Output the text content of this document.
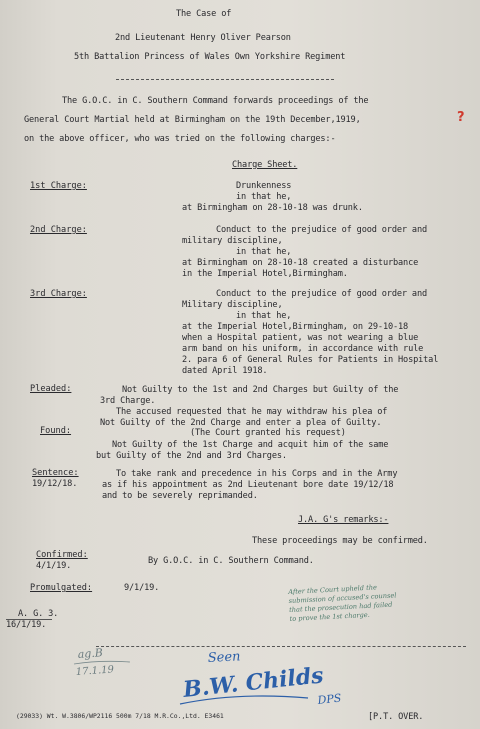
The Case of
2nd Lieutenant Henry Oliver Pearson
5th Battalion Princess of Wales Own Yorkshire Regiment
The G.O.C. in C. Southern Command forwards proceedings of the
General Court Martial held at Birmingham on the 19th December,1919,	?
on the above officer, who was tried on the following charges:-
Charge Sheet.
1st Charge:	Drunkenness
in that he,
at Birmingham on 28-10-18 was drunk.
2nd Charge:	Conduct to the prejudice of good order and
military discipline,
in that he,
at Birmingham on 28-10-18 created a disturbance
in the Imperial Hotel,Birmingham.
3rd Charge:	Conduct to the prejudice of good order and
Military discipline,
in that he,
at the Imperial Hotel,Birmingham, on 29-10-18
when a Hospital patient, was not wearing a blue
arm band on his uniform, in accordance with rule
2. para 6 of General Rules for Patients in Hospital
dated April 1918.
Pleaded:	Not Guilty to the 1st and 2nd Charges but Guilty of the
3rd Charge.
The accused requested that he may withdraw his plea of
Not Guilty of the 2nd Charge and enter a plea of Guilty.
(The Court granted his request)
Found:
Not Guilty of the 1st Charge and acquit him of the same
but Guilty of the 2nd and 3rd Charges.
Sentence:
19/12/18.
To take rank and precedence in his Corps and in the Army
as if his appointment as 2nd Lieutenant bore date 19/12/18
and to be severely reprimanded.
J.A. G's remarks:-
These proceedings may be confirmed.
Confirmed:
4/1/19.	By G.O.C. in C. Southern Command.
Promulgated:	9/1/19.	After the Court upheld the
submission of accused's counsel
that the prosecution had failed
to prove the 1st charge.
A. G. 3.
16/1/19.
ag.B
17.1.19
Seen
B.W. Childs
DPS
(29033) Wt. W.3806/WP2116 500m 7/18 M.R.Co.,Ltd. E3461	[P.T. OVER.
